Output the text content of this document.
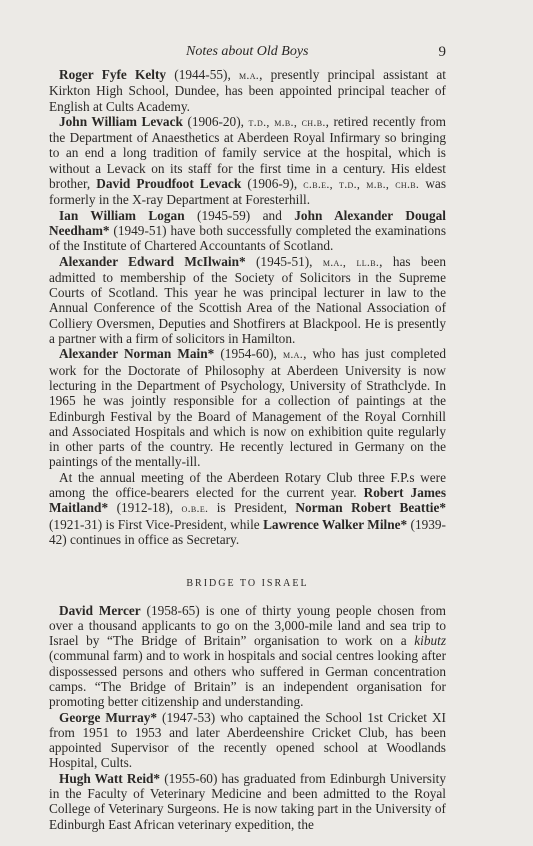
Notes about Old Boys	9

Roger Fyfe Kelty (1944-55), m.a., presently principal assistant at Kirkton High School, Dundee, has been appointed principal teacher of English at Cults Academy.

John William Levack (1906-20), t.d., m.b., ch.b., retired recently from the Department of Anaesthetics at Aberdeen Royal Infirmary so bringing to an end a long tradition of family service at the hospital, which is without a Levack on its staff for the first time in a century. His eldest brother, David Proudfoot Levack (1906-9), c.b.e., t.d., m.b., ch.b. was formerly in the X-ray Department at Foresterhill.

Ian William Logan (1945-59) and John Alexander Dougal Needham* (1949-51) have both successfully completed the examinations of the Institute of Chartered Accountants of Scotland.

Alexander Edward McIlwain* (1945-51), m.a., ll.b., has been admitted to membership of the Society of Solicitors in the Supreme Courts of Scotland. This year he was principal lecturer in law to the Annual Conference of the Scottish Area of the National Association of Colliery Oversmen, Deputies and Shotfirers at Blackpool. He is presently a partner with a firm of solicitors in Hamilton.

Alexander Norman Main* (1954-60), m.a., who has just completed work for the Doctorate of Philosophy at Aberdeen University is now lecturing in the Department of Psychology, University of Strathclyde. In 1965 he was jointly responsible for a collection of paintings at the Edinburgh Festival by the Board of Management of the Royal Cornhill and Associated Hospitals and which is now on exhibition quite regularly in other parts of the country. He recently lectured in Germany on the paintings of the mentally-ill.

At the annual meeting of the Aberdeen Rotary Club three F.P.s were among the office-bearers elected for the current year. Robert James Maitland* (1912-18), o.b.e. is President, Norman Robert Beattie* (1921-31) is First Vice-President, while Lawrence Walker Milne* (1939-42) continues in office as Secretary.

BRIDGE TO ISRAEL

David Mercer (1958-65) is one of thirty young people chosen from over a thousand applicants to go on the 3,000-mile land and sea trip to Israel by “The Bridge of Britain” organisation to work on a kibutz (communal farm) and to work in hospitals and social centres looking after dispossessed persons and others who suffered in German concentration camps. “The Bridge of Britain” is an independent organisation for promoting better citizenship and understanding.

George Murray* (1947-53) who captained the School 1st Cricket XI from 1951 to 1953 and later Aberdeenshire Cricket Club, has been appointed Supervisor of the recently opened school at Woodlands Hospital, Cults.

Hugh Watt Reid* (1955-60) has graduated from Edinburgh University in the Faculty of Veterinary Medicine and been admitted to the Royal College of Veterinary Surgeons. He is now taking part in the University of Edinburgh East African veterinary expedition, the
